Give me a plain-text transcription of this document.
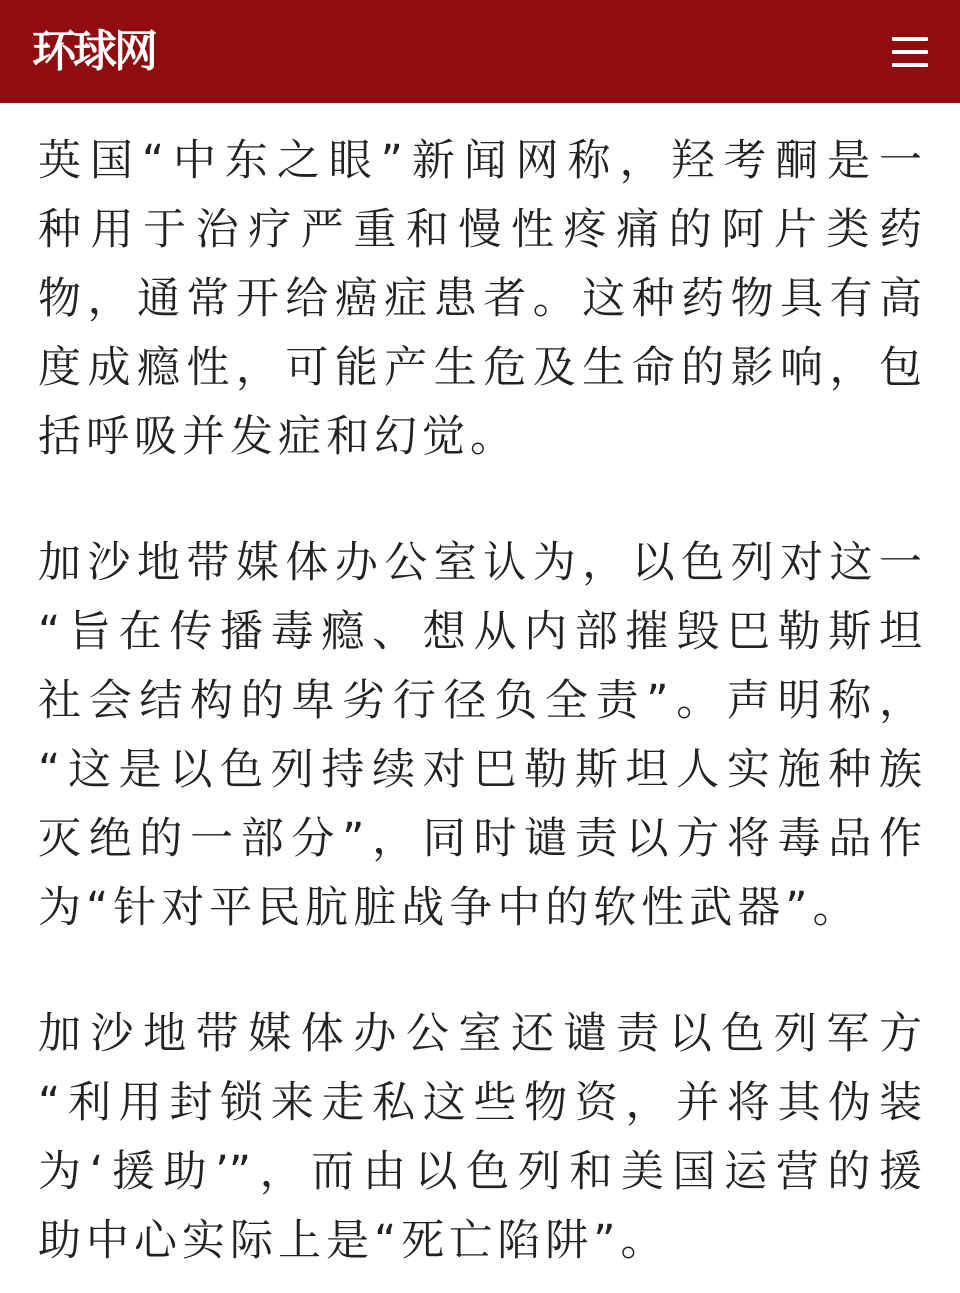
环球网
英国“中东之眼”新闻网称，羟考酮是一
种用于治疗严重和慢性疼痛的阿片类药
物，通常开给癌症患者。这种药物具有高
度成瘾性，可能产生危及生命的影响，包
括呼吸并发症和幻觉。
加沙地带媒体办公室认为，以色列对这一
“旨在传播毒瘾、想从内部摧毁巴勒斯坦
社会结构的卑劣行径负全责”。声明称，
“这是以色列持续对巴勒斯坦人实施种族
灭绝的一部分”，同时谴责以方将毒品作
为“针对平民肮脏战争中的软性武器”。
加沙地带媒体办公室还谴责以色列军方
“利用封锁来走私这些物资，并将其伪装
为‘援助’”，而由以色列和美国运营的援
助中心实际上是“死亡陷阱”。
